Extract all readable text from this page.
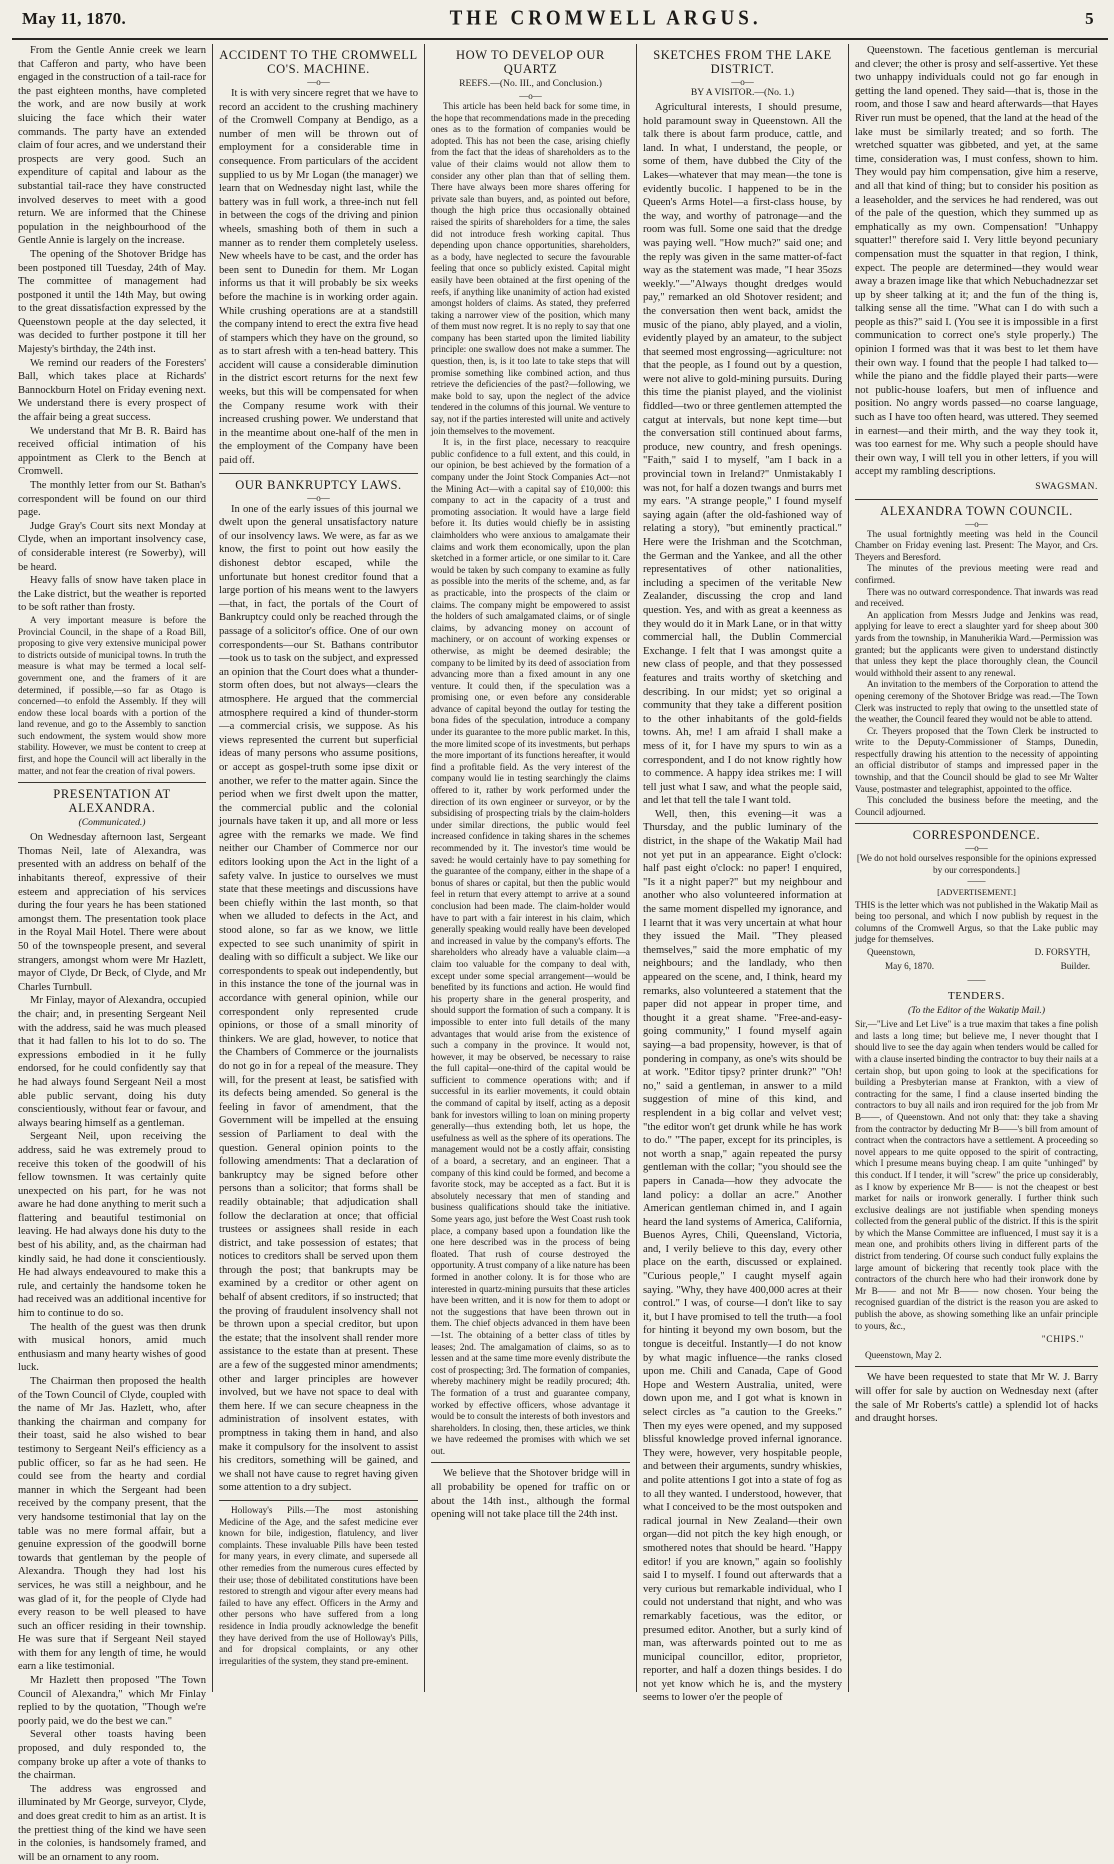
May 11, 1870.	THE CROMWELL ARGUS.	5

From the Gentle Annie creek we learn that Cafferon and party, who have been engaged in the construction of a tail-race for the past eighteen months, have completed the work, and are now busily at work sluicing the face which their water commands. The party have an extended claim of four acres, and we understand their prospects are very good. Such an expenditure of capital and labour as the substantial tail-race they have constructed involved deserves to meet with a good return. We are informed that the Chinese population in the neighbourhood of the Gentle Annie is largely on the increase.

The opening of the Shotover Bridge has been postponed till Tuesday, 24th of May. The committee of management had postponed it until the 14th May, but owing to the great dissatisfaction expressed by the Queenstown people at the day selected, it was decided to further postpone it till her Majesty's birthday, the 24th inst.

We remind our readers of the Foresters' Ball, which takes place at Richards' Bannockburn Hotel on Friday evening next. We understand there is every prospect of the affair being a great success.

We understand that Mr B. R. Baird has received official intimation of his appointment as Clerk to the Bench at Cromwell.

The monthly letter from our St. Bathan's correspondent will be found on our third page.

Judge Gray's Court sits next Monday at Clyde, when an important insolvency case, of considerable interest (re Sowerby), will be heard.

Heavy falls of snow have taken place in the Lake district, but the weather is reported to be soft rather than frosty.

A very important measure is before the Provincial Council, in the shape of a Road Bill, proposing to give very extensive municipal power to districts outside of municipal towns. In truth the measure is what may be termed a local self-government one, and the framers of it are determined, if possible,—so far as Otago is concerned—to enfold the Assembly. If they will endow these local boards with a portion of the land revenue, and go to the Assembly to sanction such endowment, the system would show more stability. However, we must be content to creep at first, and hope the Council will act liberally in the matter, and not fear the creation of rival powers.

PRESENTATION AT ALEXANDRA.
(Communicated.)

On Wednesday afternoon last, Sergeant Thomas Neil, late of Alexandra, was presented with an address on behalf of the inhabitants thereof, expressive of their esteem and appreciation of his services during the four years he has been stationed amongst them. The presentation took place in the Royal Mail Hotel. There were about 50 of the townspeople present, and several strangers, amongst whom were Mr Hazlett, mayor of Clyde, Dr Beck, of Clyde, and Mr Charles Turnbull.

Mr Finlay, mayor of Alexandra, occupied the chair; and, in presenting Sergeant Neil with the address, said he was much pleased that it had fallen to his lot to do so. The expressions embodied in it he fully endorsed, for he could confidently say that he had always found Sergeant Neil a most able public servant, doing his duty conscientiously, without fear or favour, and always bearing himself as a gentleman.

Sergeant Neil, upon receiving the address, said he was extremely proud to receive this token of the goodwill of his fellow townsmen. It was certainly quite unexpected on his part, for he was not aware he had done anything to merit such a flattering and beautiful testimonial on leaving. He had always done his duty to the best of his ability, and, as the chairman had kindly said, he had done it conscientiously. He had always endeavoured to make this a rule, and certainly the handsome token he had received was an additional incentive for him to continue to do so.

The health of the guest was then drunk with musical honors, amid much enthusiasm and many hearty wishes of good luck.

The Chairman then proposed the health of the Town Council of Clyde, coupled with the name of Mr Jas. Hazlett, who, after thanking the chairman and company for their toast, said he also wished to bear testimony to Sergeant Neil's efficiency as a public officer, so far as he had seen. He could see from the hearty and cordial manner in which the Sergeant had been received by the company present, that the very handsome testimonial that lay on the table was no mere formal affair, but a genuine expression of the goodwill borne towards that gentleman by the people of Alexandra. Though they had lost his services, he was still a neighbour, and he was glad of it, for the people of Clyde had every reason to be well pleased to have such an officer residing in their township. He was sure that if Sergeant Neil stayed with them for any length of time, he would earn a like testimonial.

Mr Hazlett then proposed "The Town Council of Alexandra," which Mr Finlay replied to by the quotation, "Though we're poorly paid, we do the best we can."

Several other toasts having been proposed, and duly responded to, the company broke up after a vote of thanks to the chairman.

The address was engrossed and illuminated by Mr George, surveyor, Clyde, and does great credit to him as an artist. It is the prettiest thing of the kind we have seen in the colonies, is handsomely framed, and will be an ornament to any room.

ACCIDENT TO THE CROMWELL CO'S. MACHINE.
—o—

It is with very sincere regret that we have to record an accident to the crushing machinery of the Cromwell Company at Bendigo, as a number of men will be thrown out of employment for a considerable time in consequence. From particulars of the accident supplied to us by Mr Logan (the manager) we learn that on Wednesday night last, while the battery was in full work, a three-inch nut fell in between the cogs of the driving and pinion wheels, smashing both of them in such a manner as to render them completely useless. New wheels have to be cast, and the order has been sent to Dunedin for them. Mr Logan informs us that it will probably be six weeks before the machine is in working order again. While crushing operations are at a standstill the company intend to erect the extra five head of stampers which they have on the ground, so as to start afresh with a ten-head battery. This accident will cause a considerable diminution in the district escort returns for the next few weeks, but this will be compensated for when the Company resume work with their increased crushing power. We understand that in the meantime about one-half of the men in the employment of the Company have been paid off.

OUR BANKRUPTCY LAWS.
—o—

In one of the early issues of this journal we dwelt upon the general unsatisfactory nature of our insolvency laws. We were, as far as we know, the first to point out how easily the dishonest debtor escaped, while the unfortunate but honest creditor found that a large portion of his means went to the lawyers—that, in fact, the portals of the Court of Bankruptcy could only be reached through the passage of a solicitor's office. One of our own correspondents—our St. Bathans contributor—took us to task on the subject, and expressed an opinion that the Court does what a thunder-storm often does, but not always—clears the atmosphere. He argued that the commercial atmosphere required a kind of thunder-storm—a commercial crisis, we suppose. As his views represented the current but superficial ideas of many persons who assume positions, or accept as gospel-truth some ipse dixit or another, we refer to the matter again. Since the period when we first dwelt upon the matter, the commercial public and the colonial journals have taken it up, and all more or less agree with the remarks we made. We find neither our Chamber of Commerce nor our editors looking upon the Act in the light of a safety valve. In justice to ourselves we must state that these meetings and discussions have been chiefly within the last month, so that when we alluded to defects in the Act, and stood alone, so far as we know, we little expected to see such unanimity of spirit in dealing with so difficult a subject. We like our correspondents to speak out independently, but in this instance the tone of the journal was in accordance with general opinion, while our correspondent only represented crude opinions, or those of a small minority of thinkers. We are glad, however, to notice that the Chambers of Commerce or the journalists do not go in for a repeal of the measure. They will, for the present at least, be satisfied with its defects being amended. So general is the feeling in favor of amendment, that the Government will be impelled at the ensuing session of Parliament to deal with the question. General opinion points to the following amendments: That a declaration of bankruptcy may be signed before other persons than a solicitor; that forms shall be readily obtainable; that adjudication shall follow the declaration at once; that official trustees or assignees shall reside in each district, and take possession of estates; that notices to creditors shall be served upon them through the post; that bankrupts may be examined by a creditor or other agent on behalf of absent creditors, if so instructed; that the proving of fraudulent insolvency shall not be thrown upon a special creditor, but upon the estate; that the insolvent shall render more assistance to the estate than at present. These are a few of the suggested minor amendments; other and larger principles are however involved, but we have not space to deal with them here. If we can secure cheapness in the administration of insolvent estates, with promptness in taking them in hand, and also make it compulsory for the insolvent to assist his creditors, something will be gained, and we shall not have cause to regret having given some attention to a dry subject.

Holloway's Pills.—The most astonishing Medicine of the Age, and the safest medicine ever known for bile, indigestion, flatulency, and liver complaints. These invaluable Pills have been tested for many years, in every climate, and supersede all other remedies from the numerous cures effected by their use; those of debilitated constitutions have been restored to strength and vigour after every means had failed to have any effect. Officers in the Army and other persons who have suffered from a long residence in India proudly acknowledge the benefit they have derived from the use of Holloway's Pills, and for dropsical complaints, or any other irregularities of the system, they stand pre-eminent.

HOW TO DEVELOP OUR QUARTZ
REEFS.—(No. III., and Conclusion.)
—o—

This article has been held back for some time, in the hope that recommendations made in the preceding ones as to the formation of companies would be adopted. This has not been the case, arising chiefly from the fact that the ideas of shareholders as to the value of their claims would not allow them to consider any other plan than that of selling them. There have always been more shares offering for private sale than buyers, and, as pointed out before, though the high price thus occasionally obtained raised the spirits of shareholders for a time, the sales did not introduce fresh working capital. Thus depending upon chance opportunities, shareholders, as a body, have neglected to secure the favourable feeling that once so publicly existed. Capital might easily have been obtained at the first opening of the reefs, if anything like unanimity of action had existed amongst holders of claims. As stated, they preferred taking a narrower view of the position, which many of them must now regret. It is no reply to say that one company has been started upon the limited liability principle: one swallow does not make a summer. The question, then, is, is it too late to take steps that will promise something like combined action, and thus retrieve the deficiencies of the past?—following, we make bold to say, upon the neglect of the advice tendered in the columns of this journal. We venture to say, not if the parties interested will unite and actively join themselves to the movement.

It is, in the first place, necessary to reacquire public confidence to a full extent, and this could, in our opinion, be best achieved by the formation of a company under the Joint Stock Companies Act—not the Mining Act—with a capital say of £10,000: this company to act in the capacity of a trust and promoting association. It would have a large field before it. Its duties would chiefly be in assisting claimholders who were anxious to amalgamate their claims and work them economically, upon the plan sketched in a former article, or one similar to it. Care would be taken by such company to examine as fully as possible into the merits of the scheme, and, as far as practicable, into the prospects of the claim or claims. The company might be empowered to assist the holders of such amalgamated claims, or of single claims, by advancing money on account of machinery, or on account of working expenses or otherwise, as might be deemed desirable; the company to be limited by its deed of association from advancing more than a fixed amount in any one venture. It could then, if the speculation was a promising one, or even before any considerable advance of capital beyond the outlay for testing the bona fides of the speculation, introduce a company under its guarantee to the more public market. In this, the more limited scope of its investments, but perhaps the more important of its functions hereafter, it would find a profitable field. As the very interest of the company would lie in testing searchingly the claims offered to it, rather by work performed under the direction of its own engineer or surveyor, or by the subsidising of prospecting trials by the claim-holders under similar directions, the public would feel increased confidence in taking shares in the schemes recommended by it. The investor's time would be saved: he would certainly have to pay something for the guarantee of the company, either in the shape of a bonus of shares or capital, but then the public would feel in return that every attempt to arrive at a sound conclusion had been made. The claim-holder would have to part with a fair interest in his claim, which generally speaking would really have been developed and increased in value by the company's efforts. The shareholders who already have a valuable claim—a claim too valuable for the company to deal with, except under some special arrangement—would be benefited by its functions and action. He would find his property share in the general prosperity, and should support the formation of such a company. It is impossible to enter into full details of the many advantages that would arise from the existence of such a company in the province. It would not, however, it may be observed, be necessary to raise the full capital—one-third of the capital would be sufficient to commence operations with; and if successful in its earlier movements, it could obtain the command of capital by itself, acting as a deposit bank for investors willing to loan on mining property generally—thus extending both, let us hope, the usefulness as well as the sphere of its operations. The management would not be a costly affair, consisting of a board, a secretary, and an engineer. That a company of this kind could be formed, and become a favorite stock, may be accepted as a fact. But it is absolutely necessary that men of standing and business qualifications should take the initiative. Some years ago, just before the West Coast rush took place, a company based upon a foundation like the one here described was in the process of being floated. That rush of course destroyed the opportunity. A trust company of a like nature has been formed in another colony. It is for those who are interested in quartz-mining pursuits that these articles have been written, and it is now for them to adopt or not the suggestions that have been thrown out in them. The chief objects advanced in them have been—1st. The obtaining of a better class of titles by leases; 2nd. The amalgamation of claims, so as to lessen and at the same time more evenly distribute the cost of prospecting; 3rd. The formation of companies, whereby machinery might be readily procured; 4th. The formation of a trust and guarantee company, worked by effective officers, whose advantage it would be to consult the interests of both investors and shareholders. In closing, then, these articles, we think we have redeemed the promises with which we set out.

We believe that the Shotover bridge will in all probability be opened for traffic on or about the 14th inst., although the formal opening will not take place till the 24th inst.

SKETCHES FROM THE LAKE DISTRICT.
—o—
BY A VISITOR.—(No. 1.)

Agricultural interests, I should presume, hold paramount sway in Queenstown. All the talk there is about farm produce, cattle, and land. In what, I understand, the people, or some of them, have dubbed the City of the Lakes—whatever that may mean—the tone is evidently bucolic. I happened to be in the Queen's Arms Hotel—a first-class house, by the way, and worthy of patronage—and the room was full. Some one said that the dredge was paying well. "How much?" said one; and the reply was given in the same matter-of-fact way as the statement was made, "I hear 35ozs weekly."—"Always thought dredges would pay," remarked an old Shotover resident; and the conversation then went back, amidst the music of the piano, ably played, and a violin, evidently played by an amateur, to the subject that seemed most engrossing—agriculture: not that the people, as I found out by a question, were not alive to gold-mining pursuits. During this time the pianist played, and the violinist fiddled—two or three gentlemen attempted the catgut at intervals, but none kept time—but the conversation still continued about farms, produce, new country, and fresh openings. "Faith," said I to myself, "am I back in a provincial town in Ireland?" Unmistakably I was not, for half a dozen twangs and burrs met my ears. "A strange people," I found myself saying again (after the old-fashioned way of relating a story), "but eminently practical." Here were the Irishman and the Scotchman, the German and the Yankee, and all the other representatives of other nationalities, including a specimen of the veritable New Zealander, discussing the crop and land question. Yes, and with as great a keenness as they would do it in Mark Lane, or in that witty commercial hall, the Dublin Commercial Exchange. I felt that I was amongst quite a new class of people, and that they possessed features and traits worthy of sketching and describing. In our midst; yet so original a community that they take a different position to the other inhabitants of the gold-fields towns. Ah, me! I am afraid I shall make a mess of it, for I have my spurs to win as a correspondent, and I do not know rightly how to commence. A happy idea strikes me: I will tell just what I saw, and what the people said, and let that tell the tale I want told.

Well, then, this evening—it was a Thursday, and the public luminary of the district, in the shape of the Wakatip Mail had not yet put in an appearance. Eight o'clock: half past eight o'clock: no paper! I enquired, "Is it a night paper?" but my neighbour and another who also volunteered information at the same moment dispelled my ignorance, and I learnt that it was very uncertain at what hour they issued the Mail. "They pleased themselves," said the more emphatic of my neighbours; and the landlady, who then appeared on the scene, and, I think, heard my remarks, also volunteered a statement that the paper did not appear in proper time, and thought it a great shame. "Free-and-easy-going community," I found myself again saying—a bad propensity, however, is that of pondering in company, as one's wits should be at work. "Editor tipsy? printer drunk?" "Oh! no," said a gentleman, in answer to a mild suggestion of mine of this kind, and resplendent in a big collar and velvet vest; "the editor won't get drunk while he has work to do." "The paper, except for its principles, is not worth a snap," again repeated the pursy gentleman with the collar; "you should see the papers in Canada—how they advocate the land policy: a dollar an acre." Another American gentleman chimed in, and I again heard the land systems of America, California, Buenos Ayres, Chili, Queensland, Victoria, and, I verily believe to this day, every other place on the earth, discussed or explained. "Curious people," I caught myself again saying. "Why, they have 400,000 acres at their control." I was, of course—I don't like to say it, but I have promised to tell the truth—a fool for hinting it beyond my own bosom, but the tongue is deceitful. Instantly—I do not know by what magic influence—the ranks closed upon me. Chili and Canada, Cape of Good Hope and Western Australia, united, were down upon me, and I got what is known in select circles as "a caution to the Greeks." Then my eyes were opened, and my supposed blissful knowledge proved infernal ignorance. They were, however, very hospitable people, and between their arguments, sundry whiskies, and polite attentions I got into a state of fog as to all they wanted. I understood, however, that what I conceived to be the most outspoken and radical journal in New Zealand—their own organ—did not pitch the key high enough, or smothered notes that should be heard. "Happy editor! if you are known," again so foolishly said I to myself. I found out afterwards that a very curious but remarkable individual, who I could not understand that night, and who was remarkably facetious, was the editor, or presumed editor. Another, but a surly kind of man, was afterwards pointed out to me as municipal councillor, editor, proprietor, reporter, and half a dozen things besides. I do not yet know which he is, and the mystery seems to lower o'er the people of

Queenstown. The facetious gentleman is mercurial and clever; the other is prosy and self-assertive. Yet these two unhappy individuals could not go far enough in getting the land opened. They said—that is, those in the room, and those I saw and heard afterwards—that Hayes River run must be opened, that the land at the head of the lake must be similarly treated; and so forth. The wretched squatter was gibbeted, and yet, at the same time, consideration was, I must confess, shown to him. They would pay him compensation, give him a reserve, and all that kind of thing; but to consider his position as a leaseholder, and the services he had rendered, was out of the pale of the question, which they summed up as emphatically as my own. Compensation! "Unhappy squatter!" therefore said I. Very little beyond pecuniary compensation must the squatter in that region, I think, expect. The people are determined—they would wear away a brazen image like that which Nebuchadnezzar set up by sheer talking at it; and the fun of the thing is, talking sense all the time. "What can I do with such a people as this?" said I. (You see it is impossible in a first communication to correct one's style properly.) The opinion I formed was that it was best to let them have their own way. I found that the people I had talked to—while the piano and the fiddle played their parts—were not public-house loafers, but men of influence and position. No angry words passed—no coarse language, such as I have too often heard, was uttered. They seemed in earnest—and their mirth, and the way they took it, was too earnest for me. Why such a people should have their own way, I will tell you in other letters, if you will accept my rambling descriptions.

SWAGSMAN.
ALEXANDRA TOWN COUNCIL.
—o—

The usual fortnightly meeting was held in the Council Chamber on Friday evening last. Present: The Mayor, and Crs. Theyers and Beresford.

The minutes of the previous meeting were read and confirmed.

There was no outward correspondence. That inwards was read and received.

An application from Messrs Judge and Jenkins was read, applying for leave to erect a slaughter yard for sheep about 300 yards from the township, in Manuherikia Ward.—Permission was granted; but the applicants were given to understand distinctly that unless they kept the place thoroughly clean, the Council would withhold their assent to any renewal.

An invitation to the members of the Corporation to attend the opening ceremony of the Shotover Bridge was read.—The Town Clerk was instructed to reply that owing to the unsettled state of the weather, the Council feared they would not be able to attend.

Cr. Theyers proposed that the Town Clerk be instructed to write to the Deputy-Commissioner of Stamps, Dunedin, respectfully drawing his attention to the necessity of appointing an official distributor of stamps and impressed paper in the township, and that the Council should be glad to see Mr Walter Vause, postmaster and telegraphist, appointed to the office.

This concluded the business before the meeting, and the Council adjourned.

CORRESPONDENCE.
—o—

[We do not hold ourselves responsible for the opinions expressed by our correspondents.]

——
[ADVERTISEMENT.]

THIS is the letter which was not published in the Wakatip Mail as being too personal, and which I now publish by request in the columns of the Cromwell Argus, so that the Lake public may judge for themselves.

Queenstown,	D. FORSYTH,
May 6, 1870.	Builder.
——
TENDERS.
(To the Editor of the Wakatip Mail.)

Sir,—"Live and Let Live" is a true maxim that takes a fine polish and lasts a long time; but believe me, I never thought that I should live to see the day again when tenders would be called for with a clause inserted binding the contractor to buy their nails at a certain shop, but upon going to look at the specifications for building a Presbyterian manse at Frankton, with a view of contracting for the same, I find a clause inserted binding the contractors to buy all nails and iron required for the job from Mr B——, of Queenstown. And not only that: they take a shaving from the contractor by deducting Mr B——'s bill from amount of contract when the contractors have a settlement. A proceeding so novel appears to me quite opposed to the spirit of contracting, which I presume means buying cheap. I am quite "unhinged" by this conduct. If I tender, it will "screw" the price up considerably, as I know by experience Mr B—— is not the cheapest or best market for nails or ironwork generally. I further think such exclusive dealings are not justifiable when spending moneys collected from the general public of the district. If this is the spirit by which the Manse Committee are influenced, I must say it is a mean one, and prohibits others living in different parts of the district from tendering. Of course such conduct fully explains the large amount of bickering that recently took place with the contractors of the church here who had their ironwork done by Mr B—— and not Mr B—— now chosen. Your being the recognised guardian of the district is the reason you are asked to publish the above, as showing something like an unfair principle to yours, &c.,

"CHIPS."

Queenstown, May 2.

We have been requested to state that Mr W. J. Barry will offer for sale by auction on Wednesday next (after the sale of Mr Roberts's cattle) a splendid lot of hacks and draught horses.
